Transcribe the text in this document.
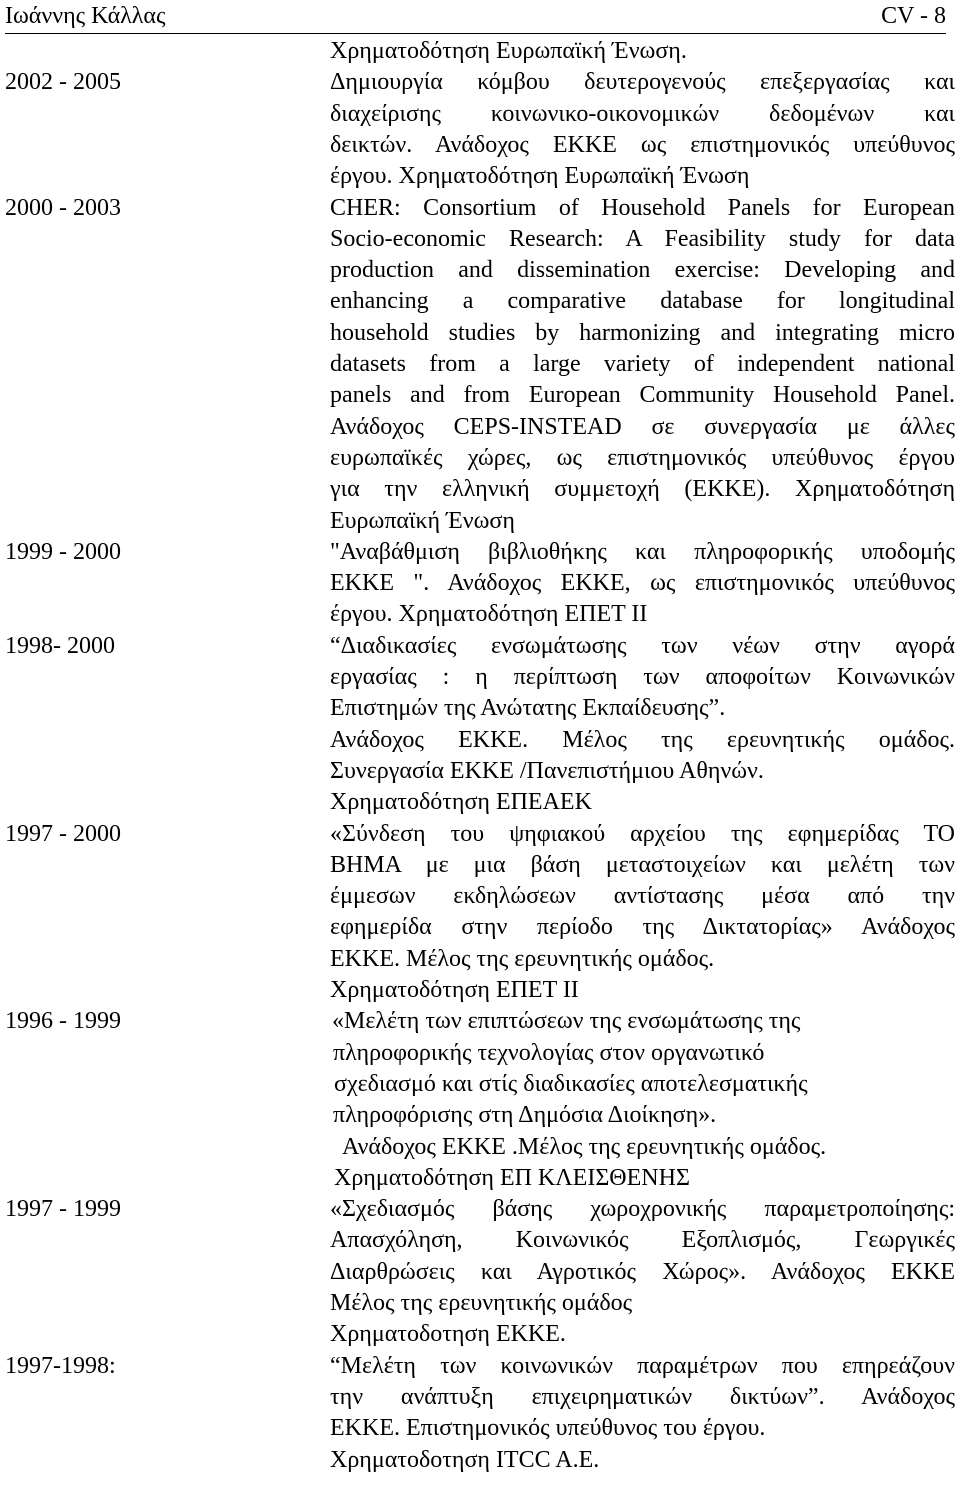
Ιωάννης Κάλλας	CV - 8
Χρηματοδότηση Ευρωπαϊκή Ένωση.
2002 - 2005	Δημιουργία κόμβου δευτερογενούς επεξεργασίας και
διαχείρισης κοινωνικο-οικονομικών δεδομένων και
δεικτών. Ανάδοχος ΕΚΚΕ ως επιστημονικός υπεύθυνος
έργου. Χρηματοδότηση Ευρωπαϊκή Ένωση
2000 - 2003	CHER: Consortium of Household Panels for European
Socio-economic Research: A Feasibility study for data
production and dissemination exercise: Developing and
enhancing a comparative database for longitudinal
household studies by harmonizing and integrating micro
datasets from a large variety of independent national
panels and from European Community Household Panel.
Ανάδοχος CEPS-INSTEAD σε συνεργασία με άλλες
ευρωπαϊκές χώρες, ως επιστημονικός υπεύθυνος έργου
για την ελληνική συμμετοχή (ΕΚΚΕ). Χρηματοδότηση
Ευρωπαϊκή Ένωση
1999 - 2000	"Αναβάθμιση βιβλιοθήκης και πληροφορικής υποδομής
ΕΚΚΕ ". Ανάδοχος ΕΚΚΕ, ως επιστημονικός υπεύθυνος
έργου. Χρηματοδότηση ΕΠΕΤ ΙΙ
1998- 2000	“Διαδικασίες ενσωμάτωσης των νέων στην αγορά
εργασίας : η περίπτωση των αποφοίτων Κοινωνικών
Επιστημών της Ανώτατης Εκπαίδευσης”.
Ανάδοχος ΕΚΚΕ. Μέλος της ερευνητικής ομάδος.
Συνεργασία ΕΚΚΕ /Πανεπιστήμιου Αθηνών.
Χρηματοδότηση ΕΠΕΑΕΚ
1997 - 2000	«Σύνδεση του ψηφιακού αρχείου της εφημερίδας ΤΟ
ΒΗΜΑ με μια βάση μεταστοιχείων και μελέτη των
έμμεσων εκδηλώσεων αντίστασης μέσα από την
εφημερίδα στην περίοδο της Δικτατορίας» Ανάδοχος
ΕΚΚΕ. Μέλος της ερευνητικής ομάδος.
Χρηματοδότηση ΕΠΕΤ ΙΙ
1996 - 1999	«Μελέτη των επιπτώσεων της ενσωμάτωσης της
πληροφορικής τεχνολογίας στον οργανωτικό
σχεδιασμό και στίς διαδικασίες αποτελεσματικής
πληροφόρισης στη Δημόσια Διοίκηση».
Ανάδοχος ΕΚΚΕ .Μέλος της ερευνητικής ομάδος.
Χρηματοδότηση ΕΠ ΚΛΕΙΣΘΕΝΗΣ
1997 - 1999	«Σχεδιασμός βάσης χωροχρονικής παραμετροποίησης:
Απασχόληση, Κοινωνικός Εξοπλισμός, Γεωργικές
Διαρθρώσεις και Αγροτικός Χώρος». Ανάδοχος ΕΚΚΕ
Μέλος της ερευνητικής ομάδος
Χρηματοδοτηση ΕΚΚΕ.
1997-1998:	“Μελέτη των κοινωνικών παραμέτρων που επηρεάζουν
την ανάπτυξη επιχειρηματικών δικτύων”. Ανάδοχος
ΕΚΚΕ. Επιστημονικός υπεύθυνος του έργου.
Χρηματοδοτηση ITCC A.E.
